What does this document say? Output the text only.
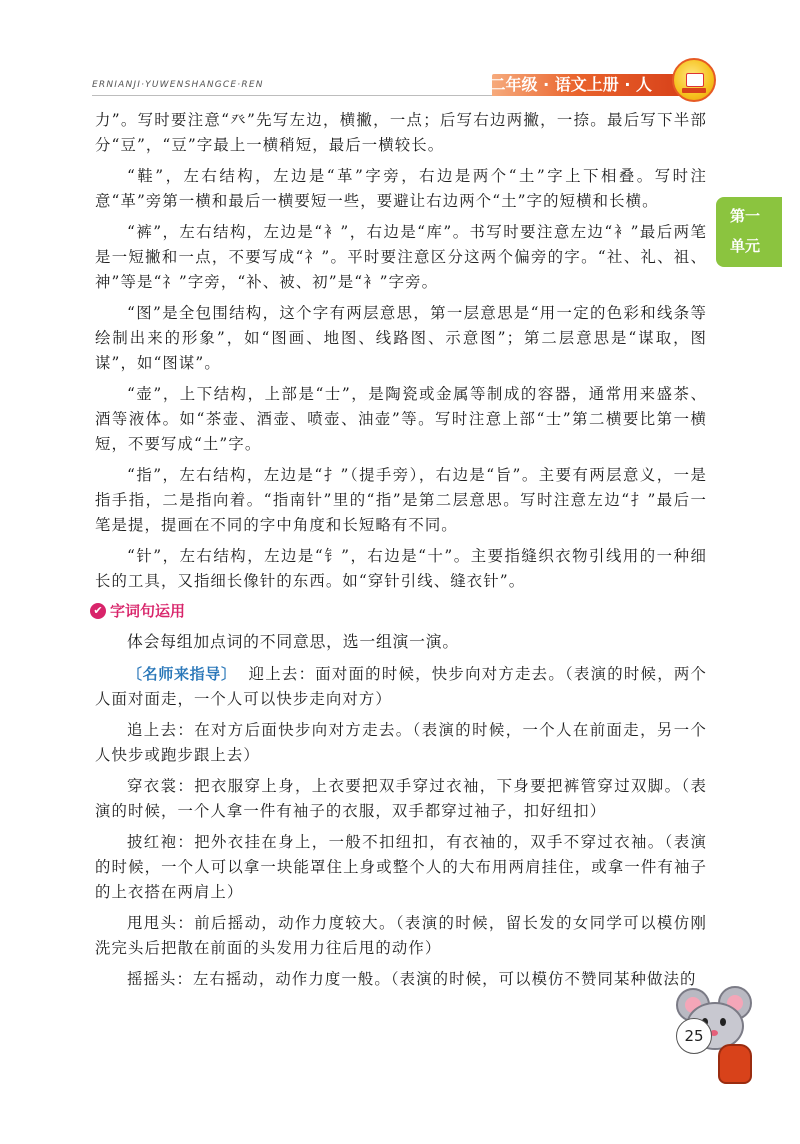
ERNIANJI·YUWENSHANGCE·REN	二年级 · 语文上册 · 人
第一
单元

力”。写时要注意“癶”先写左边，横撇，一点；后写右边两撇，一捺。最后写下半部分“豆”，“豆”字最上一横稍短，最后一横较长。

“鞋”，左右结构，左边是“革”字旁，右边是两个“土”字上下相叠。写时注意“革”旁第一横和最后一横要短一些，要避让右边两个“土”字的短横和长横。

“裤”，左右结构，左边是“衤”，右边是“库”。书写时要注意左边“衤”最后两笔是一短撇和一点，不要写成“礻”。平时要注意区分这两个偏旁的字。“社、礼、祖、神”等是“礻”字旁，“补、被、初”是“衤”字旁。

“图”是全包围结构，这个字有两层意思，第一层意思是“用一定的色彩和线条等绘制出来的形象”，如“图画、地图、线路图、示意图”；第二层意思是“谋取，图谋”，如“图谋”。

“壶”，上下结构，上部是“士”，是陶瓷或金属等制成的容器，通常用来盛茶、酒等液体。如“茶壶、酒壶、喷壶、油壶”等。写时注意上部“士”第二横要比第一横短，不要写成“土”字。

“指”，左右结构，左边是“扌”（提手旁），右边是“旨”。主要有两层意义，一是指手指，二是指向着。“指南针”里的“指”是第二层意思。写时注意左边“扌”最后一笔是提，提画在不同的字中角度和长短略有不同。

“针”，左右结构，左边是“钅”，右边是“十”。主要指缝织衣物引线用的一种细长的工具，又指细长像针的东西。如“穿针引线、缝衣针”。

✔ 字词句运用

体会每组加点词的不同意思，选一组演一演。

〔名师来指导〕 迎上去：面对面的时候，快步向对方走去。（表演的时候，两个人面对面走，一个人可以快步走向对方）

追上去：在对方后面快步向对方走去。（表演的时候，一个人在前面走，另一个人快步或跑步跟上去）

穿衣裳：把衣服穿上身，上衣要把双手穿过衣袖，下身要把裤管穿过双脚。（表演的时候，一个人拿一件有袖子的衣服，双手都穿过袖子，扣好纽扣）

披红袍：把外衣挂在身上，一般不扣纽扣，有衣袖的，双手不穿过衣袖。（表演的时候，一个人可以拿一块能罩住上身或整个人的大布用两肩挂住，或拿一件有袖子的上衣搭在两肩上）

甩甩头：前后摇动，动作力度较大。（表演的时候，留长发的女同学可以模仿刚洗完头后把散在前面的头发用力往后甩的动作）

摇摇头：左右摇动，动作力度一般。（表演的时候，可以模仿不赞同某种做法的

25
